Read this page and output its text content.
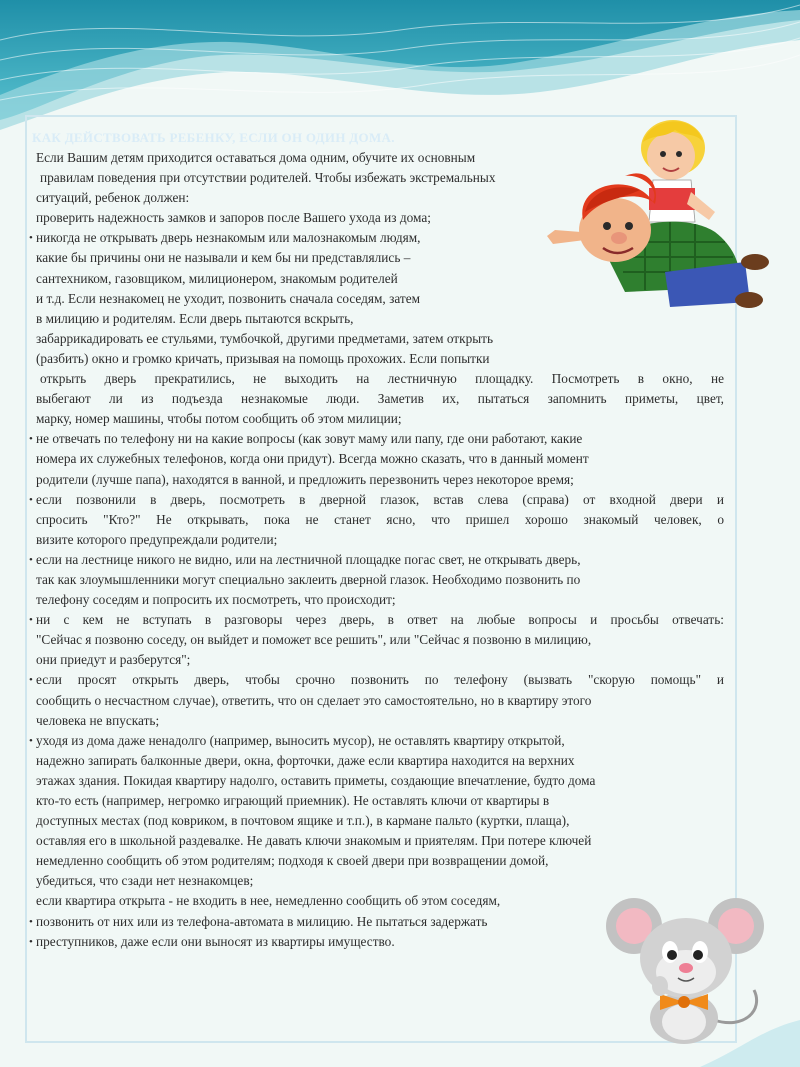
КАК ДЕЙСТВОВАТЬ РЕБЕНКУ, ЕСЛИ ОН ОДИН ДОМА.
Если Вашим детям приходится оставаться дома одним, обучите их основным
правилам поведения при отсутствии родителей. Чтобы избежать экстремальных
ситуаций, ребенок должен:
проверить надежность замков и запоров после Вашего ухода из дома;
• никогда не открывать дверь незнакомым или малознакомым людям,
какие бы причины они не называли и кем бы ни представлялись –
сантехником, газовщиком, милиционером, знакомым родителей
и т.д. Если незнакомец не уходит, позвонить сначала соседям, затем
в милицию и родителям. Если дверь пытаются вскрыть,
забаррикадировать ее стульями, тумбочкой, другими предметами, затем открыть
(разбить) окно и громко кричать, призывая на помощь прохожих. Если попытки
открыть дверь прекратились, не выходить на лестничную площадку. Посмотреть в окно, не
выбегают ли из подъезда незнакомые люди. Заметив их, пытаться запомнить приметы, цвет,
марку, номер машины, чтобы потом сообщить об этом милиции;
• не отвечать по телефону ни на какие вопросы (как зовут маму или папу, где они работают, какие
номера их служебных телефонов, когда они придут). Всегда можно сказать, что в данный момент
родители (лучше папа), находятся в ванной, и предложить перезвонить через некоторое время;
• если позвонили в дверь, посмотреть в дверной глазок, встав слева (справа) от входной двери и
спросить "Кто?" Не открывать, пока не станет ясно, что пришел хорошо знакомый человек, о
визите которого предупреждали родители;
• если на лестнице никого не видно, или на лестничной площадке погас свет, не открывать дверь,
так как злоумышленники могут специально заклеить дверной глазок. Необходимо позвонить по
телефону соседям и попросить их посмотреть, что происходит;
• ни с кем не вступать в разговоры через дверь, в ответ на любые вопросы и просьбы отвечать:
"Сейчас я позвоню соседу, он выйдет и поможет все решить", или "Сейчас я позвоню в милицию,
они приедут и разберутся";
• если просят открыть дверь, чтобы срочно позвонить по телефону (вызвать "скорую помощь" и
сообщить о несчастном случае), ответить, что он сделает это самостоятельно, но в квартиру этого
человека не впускать;
• уходя из дома даже ненадолго (например, выносить мусор), не оставлять квартиру открытой,
надежно запирать балконные двери, окна, форточки, даже если квартира находится на верхних
этажах здания. Покидая квартиру надолго, оставить приметы, создающие впечатление, будто дома
кто-то есть (например, негромко играющий приемник). Не оставлять ключи от квартиры в
доступных местах (под ковриком, в почтовом ящике и т.п.), в кармане пальто (куртки, плаща),
оставляя его в школьной раздевалке. Не давать ключи знакомым и приятелям. При потере ключей
немедленно сообщить об этом родителям; подходя к своей двери при возвращении домой,
убедиться, что сзади нет незнакомцев;
если квартира открыта - не входить в нее, немедленно сообщить об этом соседям,
• позвонить от них или из телефона-автомата в милицию. Не пытаться задержать
• преступников, даже если они выносят из квартиры имущество.
